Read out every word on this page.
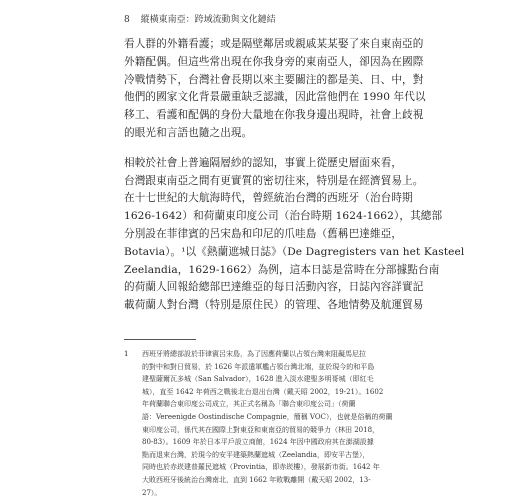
8 縱橫東南亞：跨域流動與文化鏈結

看人群的外籍看護；或是隔壁鄰居或親戚某某娶了來自東南亞的

外籍配偶。但這些常出現在你我身旁的東南亞人，卻因為在國際

冷戰情勢下，台灣社會長期以來主要關注的都是美、日、中，對

他們的國家文化背景嚴重缺乏認識，因此當他們在 1990 年代以

移工、看護和配偶的身份大量地在你我身邊出現時，社會上歧視

的眼光和言語也隨之出現。

相較於社會上普遍隔層紗的認知，事實上從歷史層面來看，

台灣跟東南亞之間有更實質的密切往來，特別是在經濟貿易上。

在十七世紀的大航海時代，曾經統治台灣的西班牙（治台時期

1626-1642）和荷蘭東印度公司（治台時期 1624-1662），其總部

分別設在菲律賓的呂宋島和印尼的爪哇島（舊稱巴達維亞，

Botavia）。¹以《熱蘭遮城日誌》（De Dagregisters van het Kasteel

Zeelandia，1629-1662）為例，這本日誌是當時在分部據點台南

的荷蘭人回報給總部巴達維亞的每日活動內容，日誌內容詳實記

載荷蘭人對台灣（特別是原住民）的管理、各地情勢及航運貿易

1 西班牙將總部設於菲律賓呂宋島，為了因應荷蘭以占領台灣來阻礙馬尼拉

的對中和對日貿易，於 1626 年派遣軍艦占領台灣北端，並於現今的和平島

建聖薩爾瓦多城（San Salvador），1628 進入淡水建聖多明哥城（即紅毛

城），直至 1642 年荷西之戰後北台退出台灣（戴天昭 2002，19-21）。1602

年荷蘭聯合東印度公司成立，其正式名稱為「聯合東印度公司」（荷蘭

語：Vereenigde Oostindische Compagnie，簡稱 VOC），也就是俗稱的荷蘭

東印度公司，係代其在國際上對東亞和東南亞的貿易的競爭力（林田 2018，

80-83）。1609 年於日本平戶設立商館，1624 年因中國政府其在澎湖設據

點而退來台灣，於現今的安平建築熱蘭遮城（Zeelandia，即安平古堡），

同時也於赤崁建普羅民遮城（Provintia，即赤崁樓），發展新市街。1642 年

大敗西班牙後統治台灣南北，直到 1662 年敗戰離開（戴天昭 2002，13-

27）。
